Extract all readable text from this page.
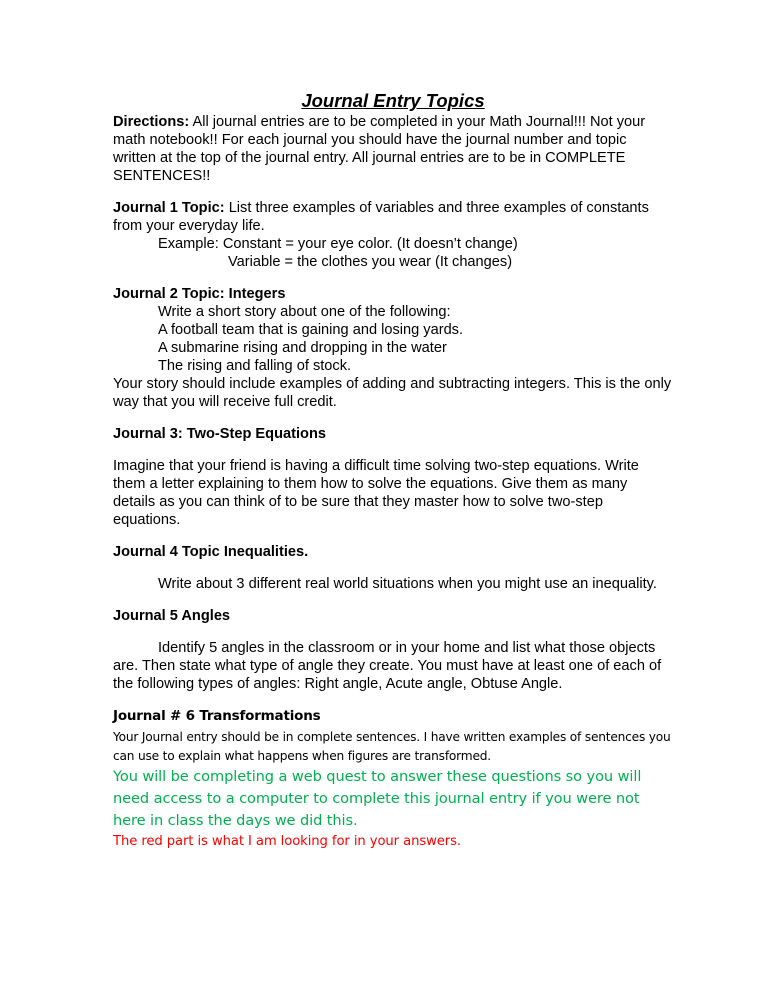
Journal Entry Topics

Directions: All journal entries are to be completed in your Math Journal!!! Not your math notebook!! For each journal you should have the journal number and topic written at the top of the journal entry. All journal entries are to be in COMPLETE SENTENCES!!

Journal 1 Topic: List three examples of variables and three examples of constants from your everyday life.

Example: Constant = your eye color. (It doesn’t change)

Variable = the clothes you wear (It changes)

Journal 2 Topic: Integers

Write a short story about one of the following:

A football team that is gaining and losing yards.

A submarine rising and dropping in the water

The rising and falling of stock.

Your story should include examples of adding and subtracting integers. This is the only way that you will receive full credit.

Journal 3: Two-Step Equations

Imagine that your friend is having a difficult time solving two-step equations. Write them a letter explaining to them how to solve the equations. Give them as many details as you can think of to be sure that they master how to solve two-step equations.

Journal 4 Topic Inequalities.

Write about 3 different real world situations when you might use an inequality.

Journal 5 Angles

Identify 5 angles in the classroom or in your home and list what those objects are. Then state what type of angle they create. You must have at least one of each of the following types of angles: Right angle, Acute angle, Obtuse Angle.

Journal # 6 Transformations

Your Journal entry should be in complete sentences. I have written examples of sentences you can use to explain what happens when figures are transformed.

You will be completing a web quest to answer these questions so you will need access to a computer to complete this journal entry if you were not here in class the days we did this.

The red part is what I am looking for in your answers.
